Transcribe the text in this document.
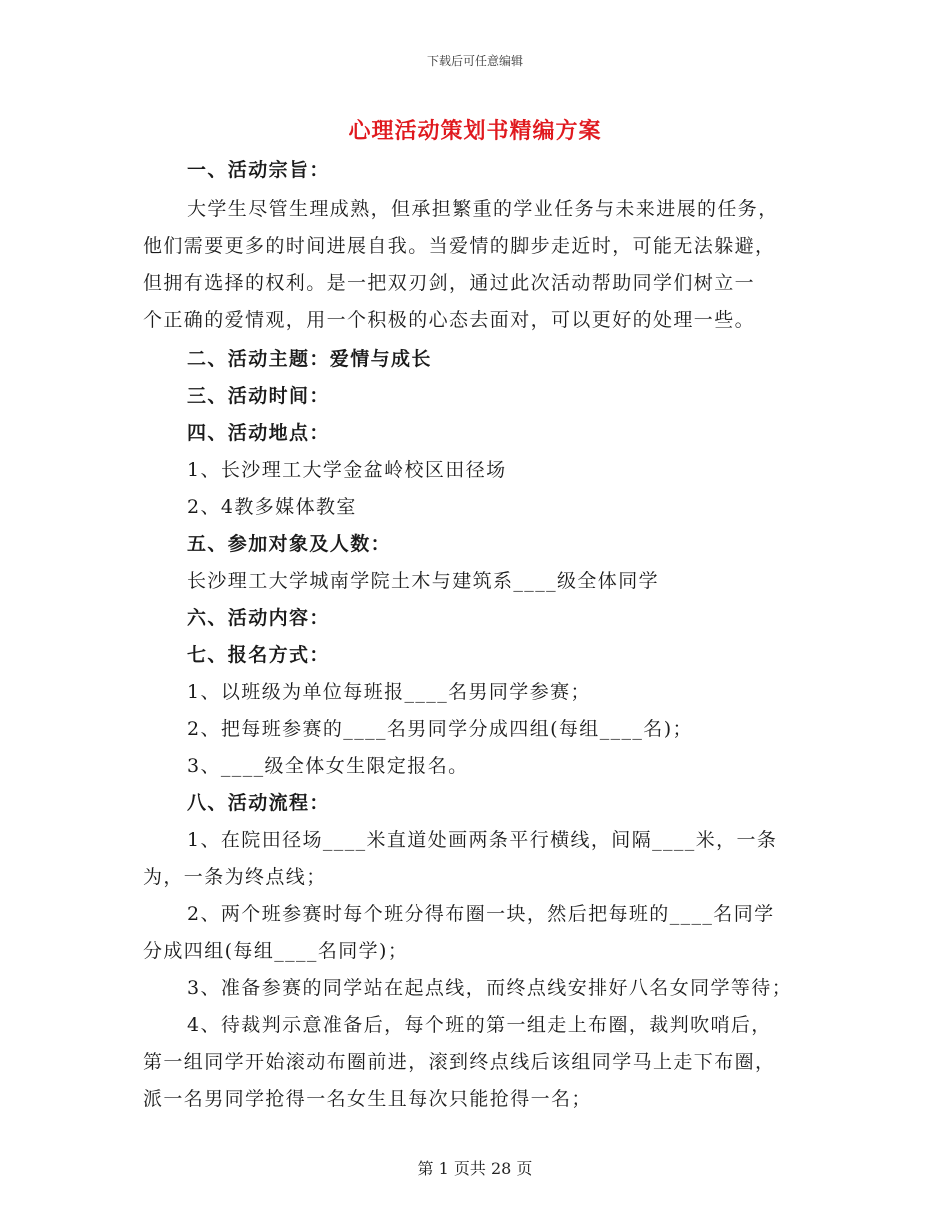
下载后可任意编辑
心理活动策划书精编方案
一、活动宗旨：
大学生尽管生理成熟，但承担繁重的学业任务与未来进展的任务，
他们需要更多的时间进展自我。当爱情的脚步走近时，可能无法躲避，
但拥有选择的权利。是一把双刃剑，通过此次活动帮助同学们树立一
个正确的爱情观，用一个积极的心态去面对，可以更好的处理一些。
二、活动主题：爱情与成长
三、活动时间：
四、活动地点：
1、长沙理工大学金盆岭校区田径场
2、4教多媒体教室
五、参加对象及人数：
长沙理工大学城南学院土木与建筑系____级全体同学
六、活动内容：
七、报名方式：
1、以班级为单位每班报____名男同学参赛；
2、把每班参赛的____名男同学分成四组(每组____名)；
3、____级全体女生限定报名。
八、活动流程：
1、在院田径场____米直道处画两条平行横线，间隔____米，一条
为，一条为终点线；
2、两个班参赛时每个班分得布圈一块，然后把每班的____名同学
分成四组(每组____名同学)；
3、准备参赛的同学站在起点线，而终点线安排好八名女同学等待；
4、待裁判示意准备后，每个班的第一组走上布圈，裁判吹哨后，
第一组同学开始滚动布圈前进，滚到终点线后该组同学马上走下布圈，
派一名男同学抢得一名女生且每次只能抢得一名；
第 1 页共 28 页
